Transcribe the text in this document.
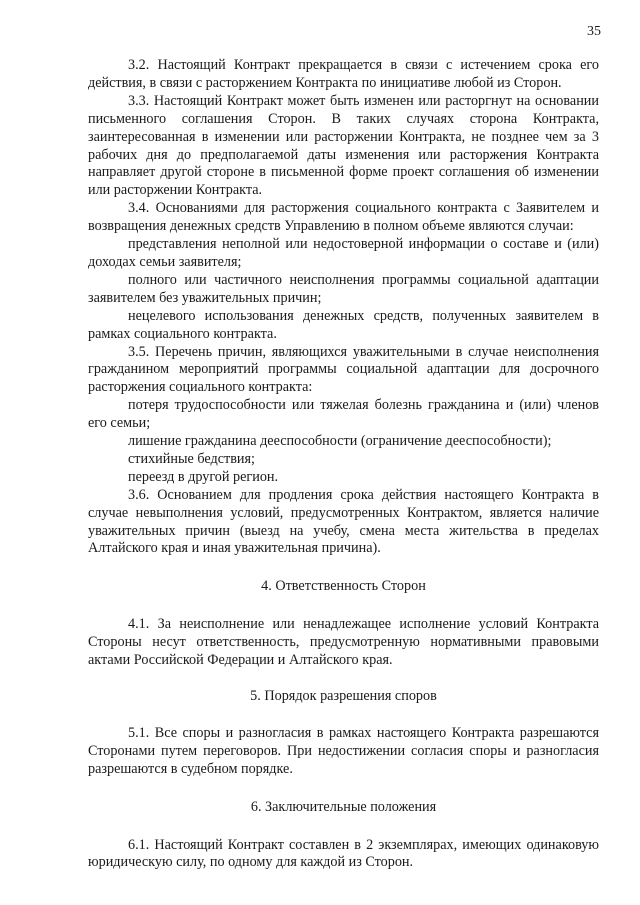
35

3.2. Настоящий Контракт прекращается в связи с истечением срока его действия, в связи с расторжением Контракта по инициативе любой из Сторон.

3.3. Настоящий Контракт может быть изменен или расторгнут на основании письменного соглашения Сторон. В таких случаях сторона Контракта, заинтересованная в изменении или расторжении Контракта, не позднее чем за 3 рабочих дня до предполагаемой даты изменения или расторжения Контракта направляет другой стороне в письменной форме проект соглашения об изменении или расторжении Контракта.

3.4. Основаниями для расторжения социального контракта с Заявителем и возвращения денежных средств Управлению в полном объеме являются случаи:

представления неполной или недостоверной информации о составе и (или) доходах семьи заявителя;

полного или частичного неисполнения программы социальной адаптации заявителем без уважительных причин;

нецелевого использования денежных средств, полученных заявителем в рамках социального контракта.

3.5. Перечень причин, являющихся уважительными в случае неисполнения гражданином мероприятий программы социальной адаптации для досрочного расторжения социального контракта:

потеря трудоспособности или тяжелая болезнь гражданина и (или) членов его семьи;

лишение гражданина дееспособности (ограничение дееспособности);

стихийные бедствия;

переезд в другой регион.

3.6. Основанием для продления срока действия настоящего Контракта в случае невыполнения условий, предусмотренных Контрактом, является наличие уважительных причин (выезд на учебу, смена места жительства в пределах Алтайского края и иная уважительная причина).

4. Ответственность Сторон

4.1. За неисполнение или ненадлежащее исполнение условий Контракта Стороны несут ответственность, предусмотренную нормативными правовыми актами Российской Федерации и Алтайского края.

5. Порядок разрешения споров

5.1. Все споры и разногласия в рамках настоящего Контракта разрешаются Сторонами путем переговоров. При недостижении согласия споры и разногласия разрешаются в судебном порядке.

6. Заключительные положения

6.1. Настоящий Контракт составлен в 2 экземплярах, имеющих одинаковую юридическую силу, по одному для каждой из Сторон.
